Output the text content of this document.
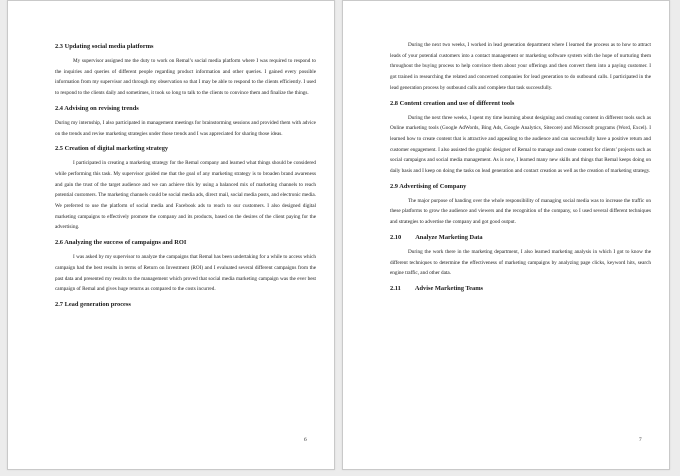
2.3 Updating social media platforms

My supervisor assigned me the duty to work on Remal’s social media platform where I was required to respond to the inquiries and queries of different people regarding product information and other queries. I gained every possible information from my supervisor and through my observation so that I may be able to respond to the clients efficiently. I used to respond to the clients daily and sometimes, it took so long to talk to the clients to convince them and finalize the things.

2.4 Advising on revising trends

During my internship, I also participated in management meetings for brainstorming sessions and provided them with advice on the trends and revise marketing strategies under those trends and I was appreciated for sharing those ideas.

2.5 Creation of digital marketing strategy

I participated in creating a marketing strategy for the Remal company and learned what things should be considered while performing this task. My supervisor guided me that the goal of any marketing strategy is to broaden brand awareness and gain the trust of the target audience and we can achieve this by using a balanced mix of marketing channels to reach potential customers. The marketing channels could be social media ads, direct mail, social media posts, and electronic media. We preferred to use the platform of social media and Facebook ads to reach to our customers. I also designed digital marketing campaigns to effectively promote the company and its products, based on the desires of the client paying for the advertising.

2.6 Analyzing the success of campaigns and ROI

I was asked by my supervisor to analyze the campaigns that Remal has been undertaking for a while to access which campaign had the best results in terms of Return on Investment (ROI) and I evaluated several different campaigns from the past data and presented my results to the management which proved that social media marketing campaign was the ever best campaign of Remal and gives huge returns as compared to the costs incurred.

2.7 Lead generation process
6

During the next two weeks, I worked in lead generation department where I learned the process as to how to attract leads of your potential customers into a contact management or marketing software system with the hope of nurturing them throughout the buying process to help convince them about your offerings and then convert them into a paying customer. I got trained in researching the related and concerned companies for lead generation to do outbound calls. I participated in the lead generation process by outbound calls and complete that task successfully.

2.8 Content creation and use of different tools

During the next three weeks, I spent my time learning about designing and creating content in different tools such as Online marketing tools (Google AdWords, Bing Ads, Google Analytics, Sitecore) and Microsoft programs (Word, Excel). I learned how to create content that is attractive and appealing to the audience and can successfully have a positive return and customer engagement. I also assisted the graphic designer of Remal to manage and create content for clients’ projects such as social campaigns and social media management. As is now, I learned many new skills and things that Remal keeps doing on daily basis and I keep on doing the tasks on lead generation and contact creation as well as the creation of marketing strategy.

2.9 Advertising of Company

The major purpose of handing over the whole responsibility of managing social media was to increase the traffic on these platforms to grow the audience and viewers and the recognition of the company, so I used several different techniques and strategies to advertise the company and got good output.

2.10 Analyze Marketing Data

During the work there in the marketing department, I also learned marketing analysis in which I got to know the different techniques to determine the effectiveness of marketing campaigns by analyzing page clicks, keyword hits, search engine traffic, and other data.

2.11 Advise Marketing Teams
7
